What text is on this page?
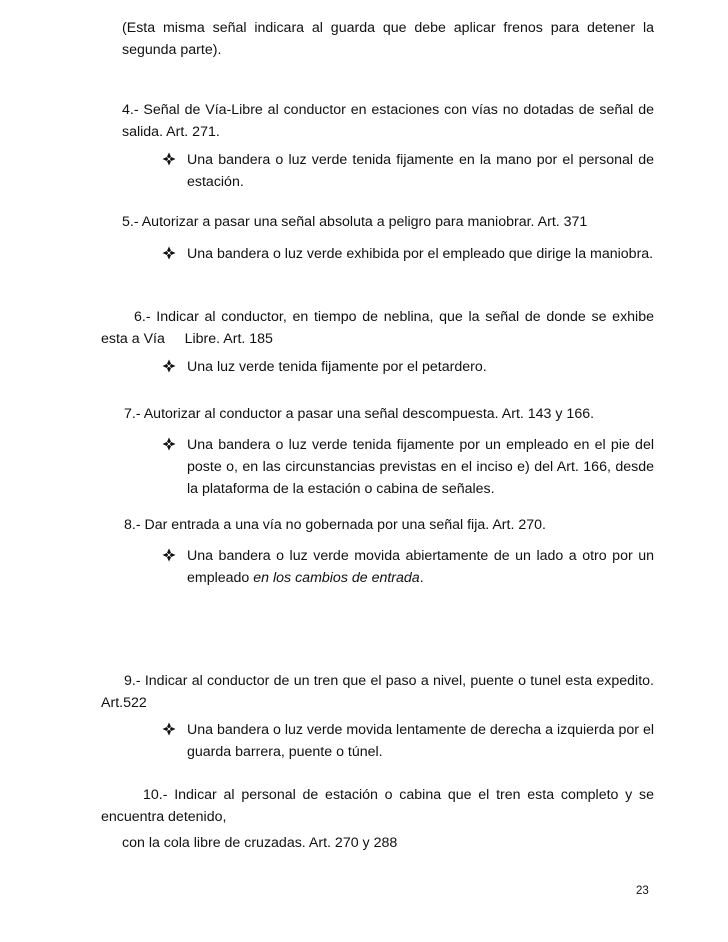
(Esta misma señal indicara al guarda que debe aplicar frenos para detener la segunda parte).
4.- Señal de Vía-Libre al conductor en estaciones con vías no dotadas de señal de salida. Art. 271.
Una bandera o luz verde tenida fijamente en la mano por el personal de estación.
5.- Autorizar a pasar una señal absoluta a peligro para maniobrar. Art. 371
Una bandera o luz verde exhibida por el empleado que dirige la maniobra.
6.- Indicar al conductor, en tiempo de neblina, que la señal de donde se exhibe esta a Vía Libre. Art. 185
Una luz verde tenida fijamente por el petardero.
7.- Autorizar al conductor a pasar una señal descompuesta. Art. 143 y 166.
Una bandera o luz verde tenida fijamente por un empleado en el pie del poste o, en las circunstancias previstas en el inciso e) del Art. 166, desde la plataforma de la estación o cabina de señales.
8.- Dar entrada a una vía no gobernada por una señal fija. Art. 270.
Una bandera o luz verde movida abiertamente de un lado a otro por un empleado en los cambios de entrada.
9.- Indicar al conductor de un tren que el paso a nivel, puente o tunel esta expedito. Art.522
Una bandera o luz verde movida lentamente de derecha a izquierda por el guarda barrera, puente o túnel.
10.- Indicar al personal de estación o cabina que el tren esta completo y se encuentra detenido,
con la cola libre de cruzadas. Art. 270 y 288
23
